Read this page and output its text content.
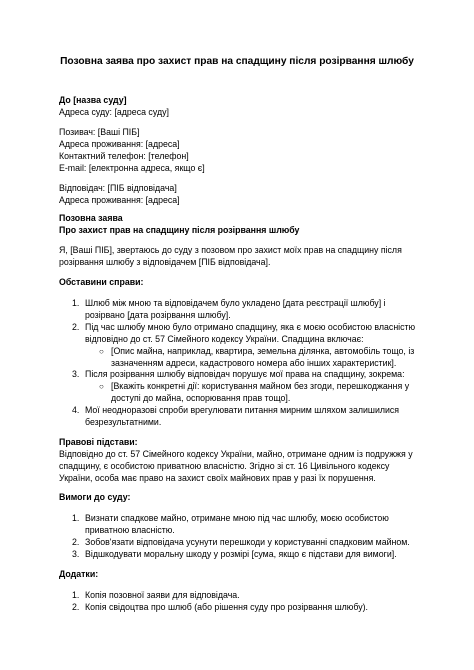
Позовна заява про захист прав на спадщину після розірвання шлюбу
До [назва суду]
Адреса суду: [адреса суду]
Позивач: [Ваші ПІБ]
Адреса проживання: [адреса]
Контактний телефон: [телефон]
E-mail: [електронна адреса, якщо є]
Відповідач: [ПІБ відповідача]
Адреса проживання: [адреса]
Позовна заява
Про захист прав на спадщину після розірвання шлюбу
Я, [Ваші ПІБ], звертаюсь до суду з позовом про захист моїх прав на спадщину після
розірвання шлюбу з відповідачем [ПІБ відповідача].
Обставини справи:
1. Шлюб між мною та відповідачем було укладено [дата реєстрації шлюбу] і
розірвано [дата розірвання шлюбу].
2. Під час шлюбу мною було отримано спадщину, яка є моєю особистою власністю
відповідно до ст. 57 Сімейного кодексу України. Спадщина включає:
○ [Опис майна, наприклад, квартира, земельна ділянка, автомобіль тощо, із
зазначенням адреси, кадастрового номера або інших характеристик].
3. Після розірвання шлюбу відповідач порушує мої права на спадщину, зокрема:
○ [Вкажіть конкретні дії: користування майном без згоди, перешкоджання у
доступі до майна, оспорювання прав тощо].
4. Мої неодноразові спроби врегулювати питання мирним шляхом залишилися
безрезультатними.
Правові підстави:
Відповідно до ст. 57 Сімейного кодексу України, майно, отримане одним із подружжя у
спадщину, є особистою приватною власністю. Згідно зі ст. 16 Цивільного кодексу
України, особа має право на захист своїх майнових прав у разі їх порушення.
Вимоги до суду:
1. Визнати спадкове майно, отримане мною під час шлюбу, моєю особистою
приватною власністю.
2. Зобов'язати відповідача усунути перешкоди у користуванні спадковим майном.
3. Відшкодувати моральну шкоду у розмірі [сума, якщо є підстави для вимоги].
Додатки:
1. Копія позовної заяви для відповідача.
2. Копія свідоцтва про шлюб (або рішення суду про розірвання шлюбу).
